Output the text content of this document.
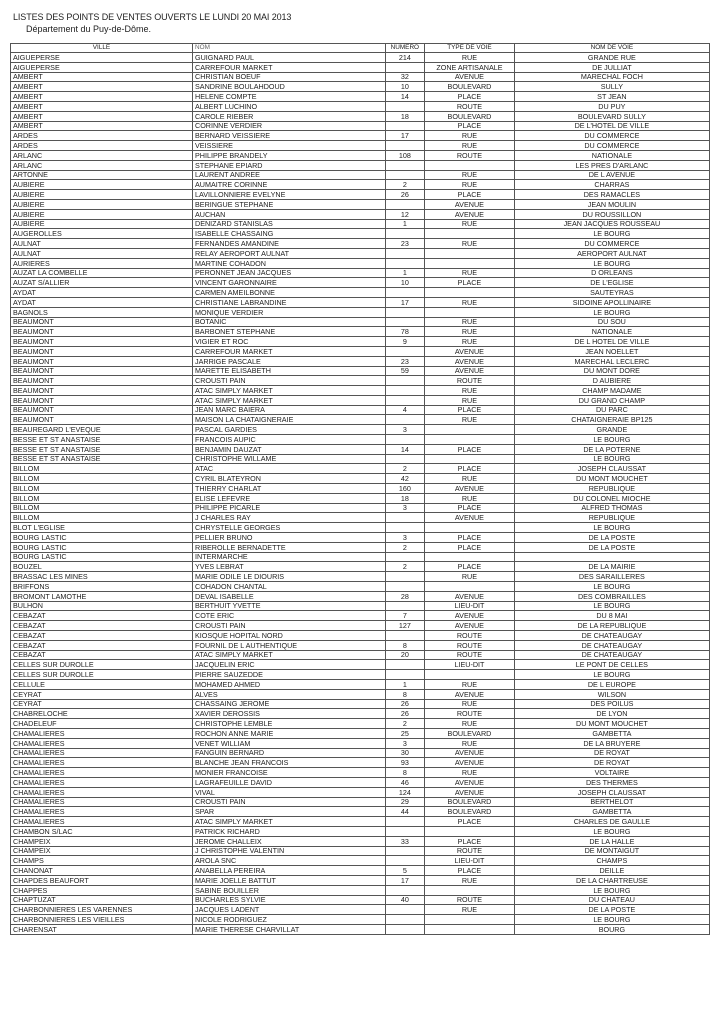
LISTES DES POINTS DE VENTES OUVERTS LE LUNDI 20 MAI 2013
Département du Puy-de-Dôme.
VILLE	NOM	NUMERO	TYPE DE VOIE	NOM DE VOIE
AIGUEPERSE	GUIGNARD PAUL	214	RUE	GRANDE RUE
AIGUEPERSE	CARREFOUR MARKET		ZONE ARTISANALE	DE JULLIAT
AMBERT	CHRISTIAN BOEUF	32	AVENUE	MARECHAL FOCH
AMBERT	SANDRINE BOULAHDOUD	10	BOULEVARD	SULLY
AMBERT	HELENE COMPTE	14	PLACE	ST JEAN
AMBERT	ALBERT LUCHINO		ROUTE	DU PUY
AMBERT	CAROLE RIEBER	18	BOULEVARD	BOULEVARD SULLY
AMBERT	CORINNE VERDIER		PLACE	DE L'HOTEL DE VILLE
ARDES	BERNARD VEISSIERE	17	RUE	DU COMMERCE
ARDES	VEISSIERE		RUE	DU COMMERCE
ARLANC	PHILIPPE BRANDELY	108	ROUTE	NATIONALE
ARLANC	STEPHANE EPIARD			LES PRES D'ARLANC
ARTONNE	LAURENT ANDREE		RUE	DE L AVENUE
AUBIERE	AUMAITRE CORINNE	2	RUE	CHARRAS
AUBIERE	LAVILLONNIERE EVELYNE	26	PLACE	DES RAMACLES
AUBIERE	BERINGUE STEPHANE		AVENUE	JEAN MOULIN
AUBIERE	AUCHAN	12	AVENUE	DU ROUSSILLON
AUBIERE	DENIZARD STANISLAS	1	RUE	JEAN JACQUES ROUSSEAU
AUGEROLLES	ISABELLE CHASSAING			LE BOURG
AULNAT	FERNANDES AMANDINE	23	RUE	DU COMMERCE
AULNAT	RELAY AEROPORT AULNAT			AEROPORT AULNAT
AURIERES	MARTINE COHADON			LE BOURG
AUZAT LA COMBELLE	PERONNET JEAN JACQUES	1	RUE	D ORLEANS
AUZAT S/ALLIER	VINCENT GARONNAIRE	10	PLACE	DE L'EGLISE
AYDAT	CARMEN AMEILBONNE			SAUTEYRAS
AYDAT	CHRISTIANE LABRANDINE	17	RUE	SIDOINE APOLLINAIRE
BAGNOLS	MONIQUE VERDIER			LE BOURG
BEAUMONT	BOTANIC		RUE	DU SOU
BEAUMONT	BARBONET STEPHANE	78	RUE	NATIONALE
BEAUMONT	VIGIER ET ROC	9	RUE	DE L HOTEL DE VILLE
BEAUMONT	CARREFOUR MARKET		AVENUE	JEAN NOELLET
BEAUMONT	JARRIGE PASCALE	23	AVENUE	MARECHAL LECLERC
BEAUMONT	MARETTE ELISABETH	59	AVENUE	DU MONT DORE
BEAUMONT	CROUSTI PAIN		ROUTE	D AUBIERE
BEAUMONT	ATAC SIMPLY MARKET		RUE	CHAMP MADAME
BEAUMONT	ATAC SIMPLY MARKET		RUE	DU GRAND CHAMP
BEAUMONT	JEAN MARC BAIERA	4	PLACE	DU PARC
BEAUMONT	MAISON LA CHATAIGNERAIE		RUE	CHATAIGNERAIE BP125
BEAUREGARD L'EVEQUE	PASCAL GARDIES	3		GRANDE
BESSE ET ST ANASTAISE	FRANCOIS AUPIC			LE BOURG
BESSE ET ST ANASTAISE	BENJAMIN DAUZAT	14	PLACE	DE LA POTERNE
BESSE ET ST ANASTAISE	CHRISTOPHE WILLAME			LE BOURG
BILLOM	ATAC	2	PLACE	JOSEPH CLAUSSAT
BILLOM	CYRIL BLATEYRON	42	RUE	DU MONT MOUCHET
BILLOM	THIERRY CHARLAT	160	AVENUE	REPUBLIQUE
BILLOM	ELISE LEFEVRE	18	RUE	DU COLONEL MIOCHE
BILLOM	PHILIPPE PICARLE	3	PLACE	ALFRED THOMAS
BILLOM	J CHARLES RAY		AVENUE	REPUBLIQUE
BLOT L'EGLISE	CHRYSTELLE GEORGES			LE BOURG
BOURG LASTIC	PELLIER BRUNO	3	PLACE	DE LA POSTE
BOURG LASTIC	RIBEROLLE BERNADETTE	2	PLACE	DE LA POSTE
BOURG LASTIC	INTERMARCHE			
BOUZEL	YVES LEBRAT	2	PLACE	DE LA MAIRIE
BRASSAC LES MINES	MARIE ODILE LE DIOURIS		RUE	DES SARAILLERES
BRIFFONS	COHADON CHANTAL			LE BOURG
BROMONT LAMOTHE	DEVAL ISABELLE	28	AVENUE	DES COMBRAILLES
BULHON	BERTHUIT YVETTE		LIEU-DIT	LE BOURG
CEBAZAT	COTE ERIC	7	AVENUE	DU 8 MAI
CEBAZAT	CROUSTI PAIN	127	AVENUE	DE LA REPUBLIQUE
CEBAZAT	KIOSQUE HOPITAL NORD		ROUTE	DE CHATEAUGAY
CEBAZAT	FOURNIL DE L AUTHENTIQUE	8	ROUTE	DE CHATEAUGAY
CEBAZAT	ATAC SIMPLY MARKET	20	ROUTE	DE CHATEAUGAY
CELLES SUR DUROLLE	JACQUELIN ERIC		LIEU-DIT	LE PONT DE CELLES
CELLES SUR DUROLLE	PIERRE SAUZEDDE			LE BOURG
CELLULE	MOHAMED AHMED	1	RUE	DE L EUROPE
CEYRAT	ALVES	8	AVENUE	WILSON
CEYRAT	CHASSAING JEROME	26	RUE	DES POILUS
CHABRELOCHE	XAVIER DEROSSIS	26	ROUTE	DE LYON
CHADELEUF	CHRISTOPHE LEMBLE	2	RUE	DU MONT MOUCHET
CHAMALIERES	ROCHON ANNE MARIE	25	BOULEVARD	GAMBETTA
CHAMALIERES	VENET WILLIAM	3	RUE	DE LA BRUYERE
CHAMALIERES	FANGUIN BERNARD	30	AVENUE	DE ROYAT
CHAMALIERES	BLANCHE JEAN FRANCOIS	93	AVENUE	DE ROYAT
CHAMALIERES	MONIER FRANCOISE	8	RUE	VOLTAIRE
CHAMALIERES	LAGRAFEUILLE DAVID	46	AVENUE	DES THERMES
CHAMALIERES	VIVAL	124	AVENUE	JOSEPH CLAUSSAT
CHAMALIERES	CROUSTI PAIN	29	BOULEVARD	BERTHELOT
CHAMALIERES	SPAR	44	BOULEVARD	GAMBETTA
CHAMALIERES	ATAC SIMPLY MARKET		PLACE	CHARLES DE GAULLE
CHAMBON S/LAC	PATRICK RICHARD			LE BOURG
CHAMPEIX	JEROME CHALLEIX	33	PLACE	DE LA HALLE
CHAMPEIX	J CHRISTOPHE VALENTIN		ROUTE	DE MONTAIGUT
CHAMPS	AROLA SNC		LIEU-DIT	CHAMPS
CHANONAT	ANABELLA PEREIRA	5	PLACE	DEILLE
CHAPDES BEAUFORT	MARIE JOELLE BATTUT	17	RUE	DE LA CHARTREUSE
CHAPPES	SABINE BOUILLER			LE BOURG
CHAPTUZAT	BUCHARLES SYLVIE	40	ROUTE	DU CHATEAU
CHARBONNIERES LES VARENNES	JACQUES LADENT		RUE	DE LA POSTE
CHARBONNIERES LES VIEILLES	NICOLE RODRIGUEZ			LE BOURG
CHARENSAT	MARIE THERESE CHARVILLAT			BOURG
